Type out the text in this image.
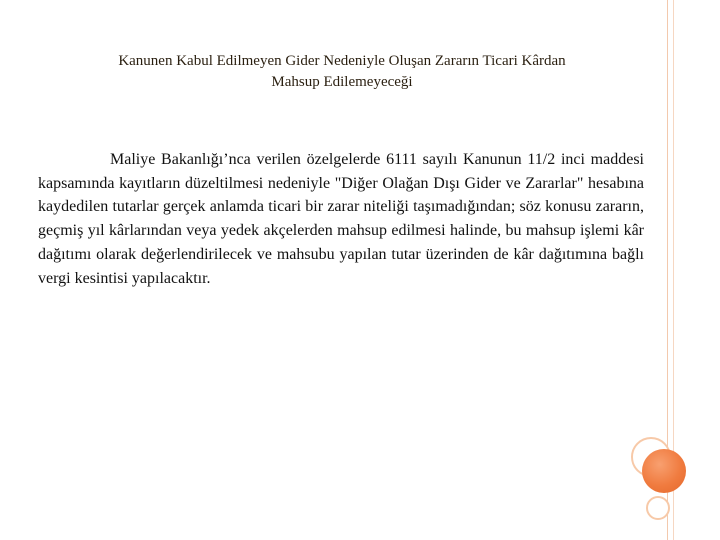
Kanunen Kabul Edilmeyen Gider Nedeniyle Oluşan Zararın Ticari Kârdan
Mahsup Edilemeyeceği

Maliye Bakanlığı’nca verilen özelgelerde 6111 sayılı Kanunun 11/2 inci maddesi kapsamında kayıtların düzeltilmesi nedeniyle "Diğer Olağan Dışı Gider ve Zararlar" hesabına kaydedilen tutarlar gerçek anlamda ticari bir zarar niteliği taşımadığından; söz konusu zararın, geçmiş yıl kârlarından veya yedek akçelerden mahsup edilmesi halinde, bu mahsup işlemi kâr dağıtımı olarak değerlendirilecek ve mahsubu yapılan tutar üzerinden de kâr dağıtımına bağlı vergi kesintisi yapılacaktır.
